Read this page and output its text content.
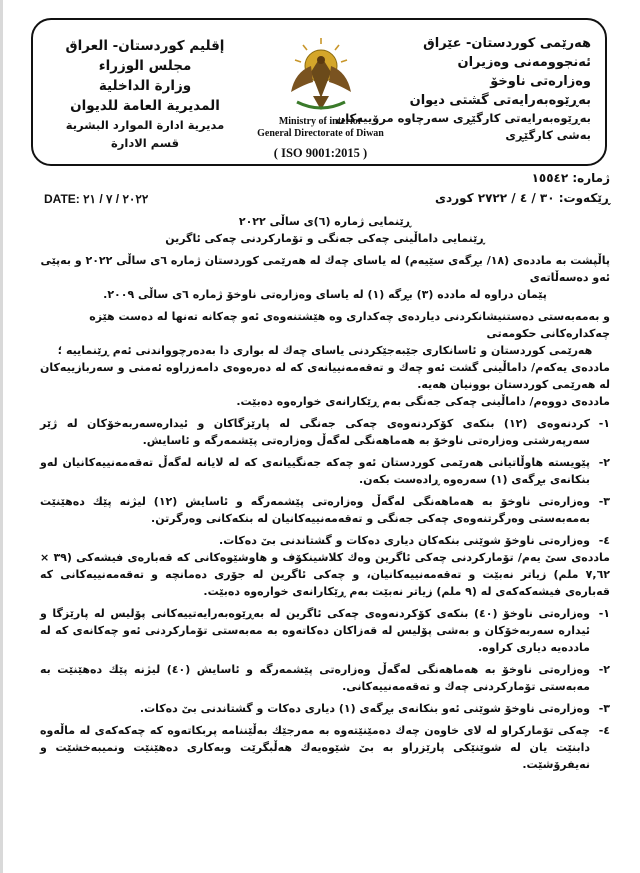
هەرێمی كوردستان- عێراق
ئەنجوومەنی وەزیران
وەزارەتی ناوخۆ
بەڕێوەبەرایەتی گشتی دیوان
بەڕێوەبەرایەتی كارگێڕی سەرچاوە مرۆییەكان
بەشی كارگێڕی
Ministry of interior
General Directorate of Diwan
( ISO 9001:2015 )
إقليم كوردستان- العراق
مجلس الوزراء
وزارة الداخلية
المديرية العامة للديوان
مديرية ادارة الموارد البشرية
قسم الادارة
ژمارە: ١٥٥٤٢
ڕێكەوت: ٣٠ / ٤ / ٢٧٢٢ كوردی
DATE: ٢٠٢٢ / ٧ / ٢١

ڕێنمایی ژمارە (٦)ی ساڵی ٢٠٢٢

ڕێنمایی داماڵینی چەكی جەنگی و تۆماركردنی چەكی ئاگرین

پاڵپشت بە ماددەی (١٨/ بڕگەی سێیەم) لە یاسای چەك لە هەرێمی كوردستان ژمارە ٦ی ساڵی ٢٠٢٢ و بەپێی ئەو دەسەڵاتەی

پێمان دراوە لە ماددە (٣) بڕگە (١) لە یاسای وەزارەتی ناوخۆ ژمارە ٦ی ساڵی ٢٠٠٩.

و بەمەبەستی دەستنیشانكردنی دیاردەی چەكداری وە هێشتنەوەی ئەو چەكانە تەنها لە دەست هێزە چەكدارەكانی حكومەتی

هەرێمی كوردستان و ئاسانكاری جێبەجێكردنی یاسای چەك لە بواری دا بەدەرچوواندنی ئەم ڕێنماییە ؛

ماددەی یەكەم/ داماڵینی گشت ئەو چەك و تەقەمەنییانەی كە لە دەرەوەی دامەزراوە ئەمنی و سەربازییەكان لە هەرێمی كوردستان بوونیان هەیە.

ماددەی دووەم/ داماڵینی چەكی جەنگی بەم ڕێكارانەی خوارەوە دەبێت.

١-
كردنەوەی (١٢) بنكەی كۆكردنەوەی چەكی جەنگی لە پارێزگاكان و ئیدارەسەربەخۆكان لە ژێر سەرپەرشتی وەزارەتی ناوخۆ بە هەماهەنگی لەگەڵ وەزارەتی پێشمەرگە و ئاسایش.
٢-
پێویستە هاوڵاتیانی هەرێمی كوردستان ئەو چەكە جەنگییانەی كە لە لایانە لەگەڵ تەقەمەنییەكانیان لەو بنكانەی بڕگەی (١) سەرەوە ڕادەست بكەن.
٣-
وەزارەتی ناوخۆ بە هەماهەنگی لەگەڵ وەزارەتی پێشمەرگە و ئاسایش (١٢) لیژنە پێك دەهێنێت بەمەبەستی وەرگرتنەوەی چەكی جەنگی و تەقەمەنییەكانیان لە بنكەكانی وەرگرتن.
٤-
وەزارەتی ناوخۆ شوێنی بنكەكان دیاری دەكات و گشتاندنی بێ دەكات.

ماددەی سێ یەم/ تۆماركردنی چەكی ئاگرین وەك كلاشینكۆف و هاوشێوەكانی كە قەبارەی فیشەكی (٣٩ × ٧,٦٢ ملم) زیاتر نەبێت و تەقەمەنییەكانیان، و چەكی ئاگرین لە جۆری دەمانچە و تەقەمەنییەكانی كە قەبارەی فیشەكەكەی لە (٩ ملم) زیاتر نەبێت بەم ڕێكارانەی خوارەوە دەبێت.

١-
وەزارەتی ناوخۆ (٤٠) بنكەی كۆكردنەوەی چەكی ئاگرین لە بەڕێوەبەرایەتییەكانی پۆلیس لە پارێزگا و ئیدارە سەربەخۆكان و بەشی پۆلیس لە قەزاكان دەكاتەوە بە مەبەستی تۆماركردنی ئەو چەكانەی كە لە ماددەیە دیاری كراوە.
٢-
وەزارەتی ناوخۆ بە هەماهەنگی لەگەڵ وەزارەتی پێشمەرگە و ئاسایش (٤٠) لیژنە پێك دەهێنێت بە مەبەستی تۆماركردنی چەك و تەقەمەنییەكانی.
٣-
وەزارەتی ناوخۆ شوێنی ئەو بنكانەی بڕگەی (١) دیاری دەكات و گشتاندنی بێ دەكات.
٤-
چەكی تۆماركراو لە لای خاوەن چەك دەمێنێتەوە بە مەرجێك بەڵێننامە پربكاتەوە كە چەكەكەی لە ماڵەوە دابنێت یان لە شوێنێكی پارێزراو بە بێ شێوەیەك هەڵبگرێت وبەكاری دەهێنێت ونمیبەخشێت و نەیفرۆشێت.
